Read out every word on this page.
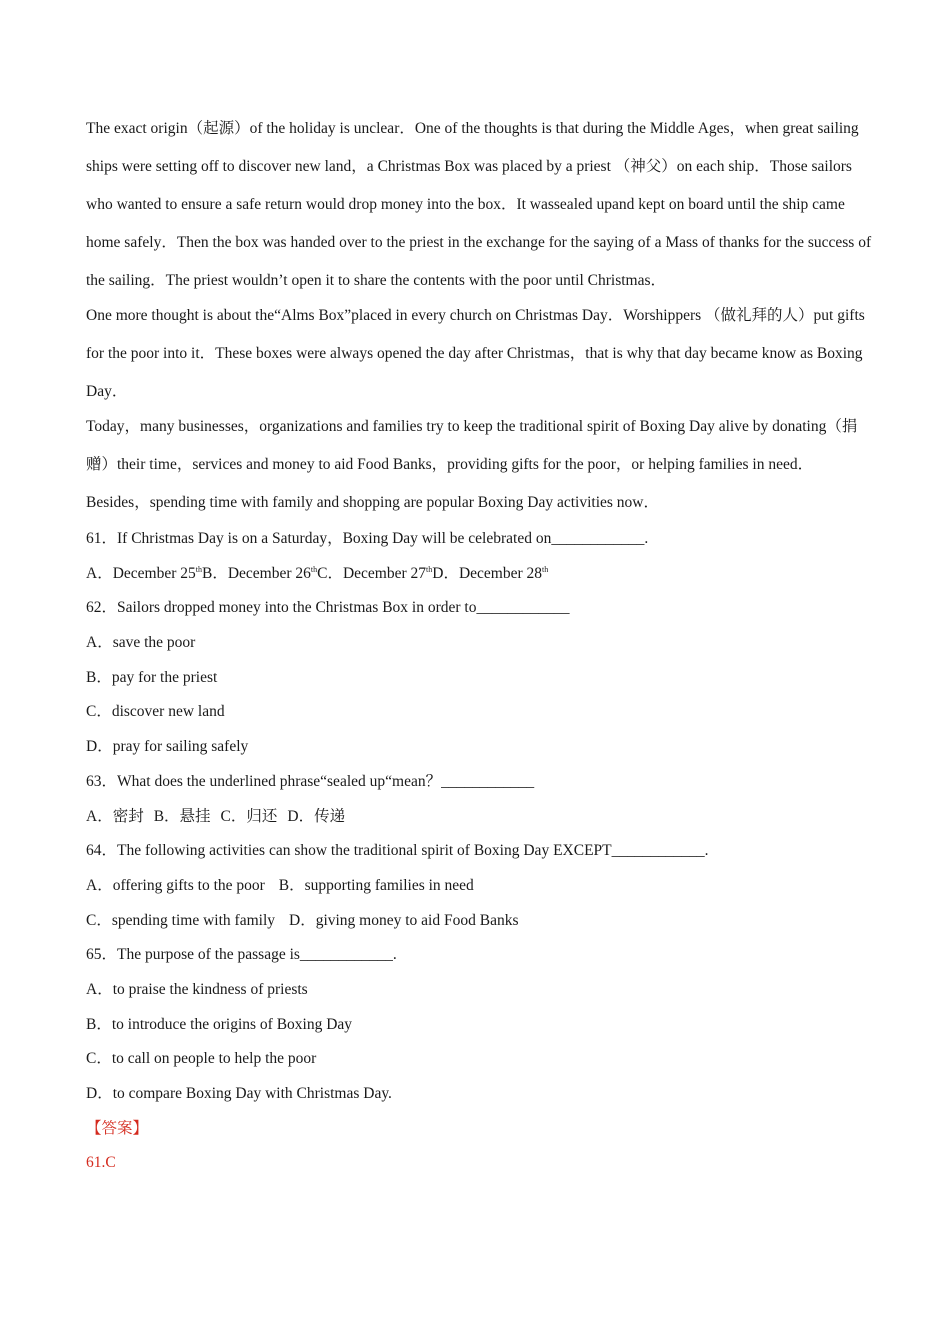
The exact origin（起源）of the holiday is unclear．One of the thoughts is that during the Middle Ages，when great sailing ships were setting off to discover new land，a Christmas Box was placed by a priest （神父）on each ship．Those sailors who wanted to ensure a safe return would drop money into the box．It wassealed upand kept on board until the ship came home safely．Then the box was handed over to the priest in the exchange for the saying of a Mass of thanks for the success of the sailing．The priest wouldn’t open it to share the contents with the poor until Christmas．

One more thought is about the“Alms Box”placed in every church on Christmas Day．Worshippers （做礼拜的人）put gifts for the poor into it．These boxes were always opened the day after Christmas，that is why that day became know as Boxing Day．

Today，many businesses，organizations and families try to keep the traditional spirit of Boxing Day alive by donating（捐赠）their time，services and money to aid Food Banks，providing gifts for the poor，or helping families in need．Besides，spending time with family and shopping are popular Boxing Day activities now．

61．If Christmas Day is on a Saturday，Boxing Day will be celebrated on____________.

A．December 25thB．December 26thC．December 27thD．December 28th

62．Sailors dropped money into the Christmas Box in order to____________

A．save the poor

B．pay for the priest

C．discover new land

D．pray for sailing safely

63．What does the underlined phrase“sealed up“mean？____________

A．密封 B．悬挂 C．归还 D．传递

64．The following activities can show the traditional spirit of Boxing Day EXCEPT____________.

A．offering gifts to the poor B．supporting families in need

C．spending time with family D．giving money to aid Food Banks

65．The purpose of the passage is____________.

A．to praise the kindness of priests

B．to introduce the origins of Boxing Day

C．to call on people to help the poor

D．to compare Boxing Day with Christmas Day.

【答案】

61.C
